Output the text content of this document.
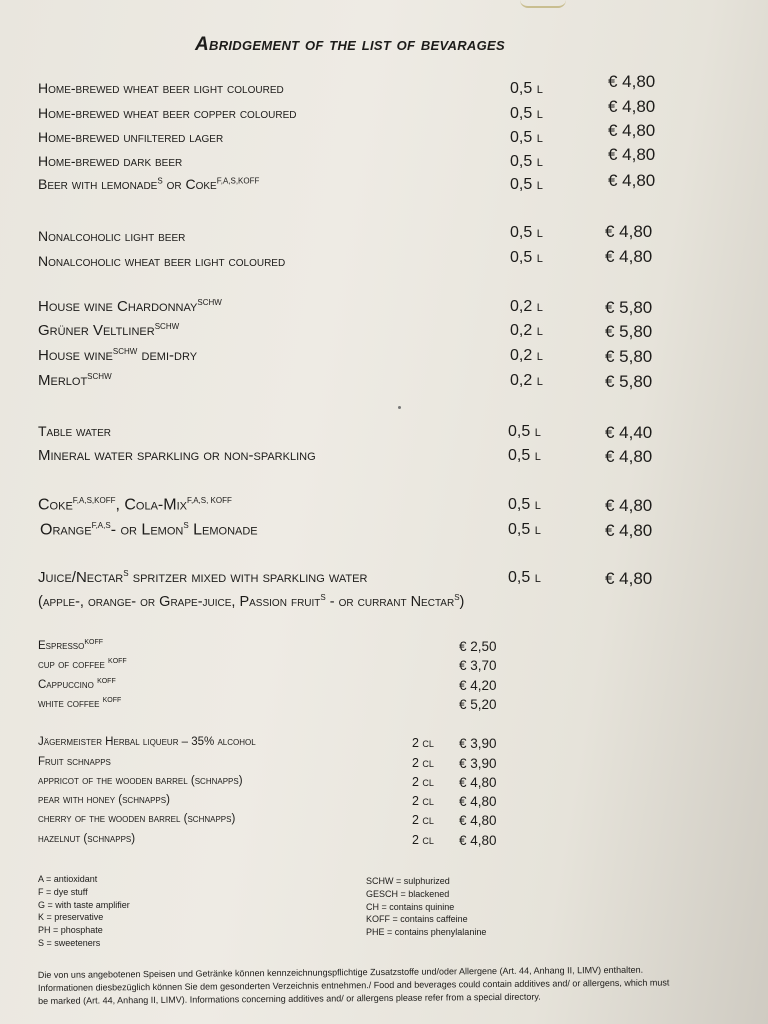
Abridgement of the list of bevarages
Home-brewed wheat beer light coloured	0,5 l	€ 4,80
Home-brewed wheat beer copper coloured	0,5 l	€ 4,80
Home-brewed unfiltered lager	0,5 l	€ 4,80
Home-brewed dark beer	0,5 l	€ 4,80
Beer with lemonade$^S$ or Coke$^{F,A,S,KOFF}$	0,5 l	€ 4,80
Nonalcoholic light beer	0,5 l	€ 4,80
Nonalcoholic wheat beer light coloured	0,5 l	€ 4,80
House wine Chardonnay$^{SCHW}$	0,2 l	€ 5,80
Grüner Veltliner$^{SCHW}$	0,2 l	€ 5,80
House wine$^{SCHW}$ demi-dry	0,2 l	€ 5,80
Merlot$^{SCHW}$	0,2 l	€ 5,80
Table water	0,5 l	€ 4,40
Mineral water sparkling or non-sparkling	0,5 l	€ 4,80
Coke$^{F,A,S,KOFF}$, Cola-Mix$^{F,A,S, KOFF}$	0,5 l	€ 4,80
Orange$^{F,A,S}$- or Lemon$^S$ Lemonade	0,5 l	€ 4,80
Juice/Nectar$^S$ spritzer mixed with sparkling water	0,5 l	€ 4,80
(apple-, orange- or Grape-juice, Passion fruit$^S$ - or currant Nectar$^S$)
Espresso$^{KOFF}$	€ 2,50
cup of coffee $^{KOFF}$	€ 3,70
Cappuccino $^{KOFF}$	€ 4,20
white coffee $^{KOFF}$	€ 5,20
Jägermeister Herbal liqueur – 35% alcohol	2 cl € 3,90
Fruit schnapps	2 cl € 3,90
appricot of the wooden barrel (schnapps)	2 cl € 4,80
pear with honey (schnapps)	2 cl € 4,80
cherry of the wooden barrel (schnapps)	2 cl € 4,80
hazelnut (schnapps)	2 cl € 4,80
A = antioxidant
F = dye stuff
G = with taste amplifier
K = preservative
PH = phosphate
S = sweeteners
SCHW = sulphurized
GESCH = blackened
CH = contains quinine
KOFF = contains caffeine
PHE = contains phenylalanine
Die von uns angebotenen Speisen und Getränke können kennzeichnungspflichtige Zusatzstoffe und/oder Allergene (Art. 44, Anhang II, LIMV) enthalten.
Informationen diesbezüglich können Sie dem gesonderten Verzeichnis entnehmen./ Food and beverages could contain additives and/ or allergens, which must
be marked (Art. 44, Anhang II, LIMV). Informations concerning additives and/ or allergens please refer from a special directory.
